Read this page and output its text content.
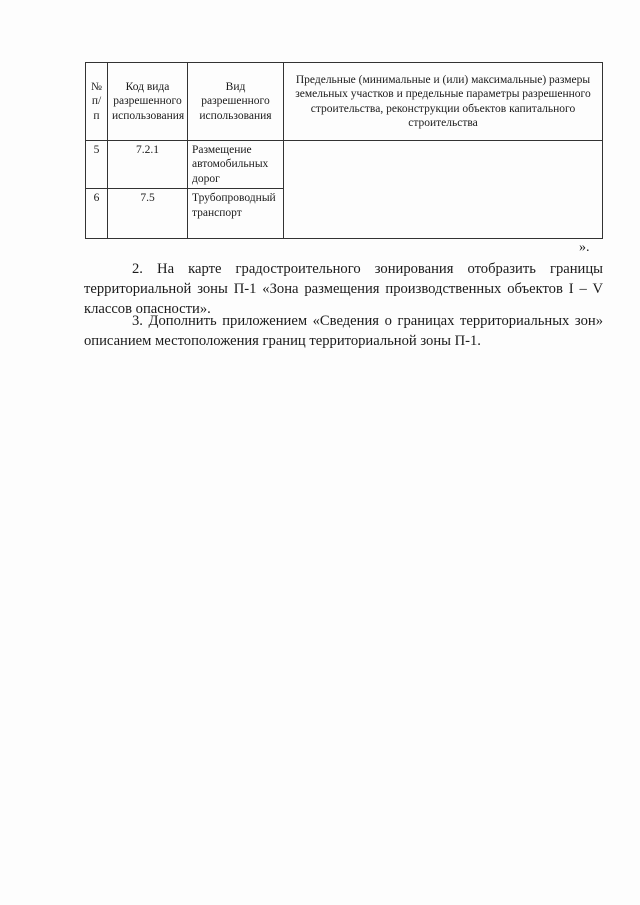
№ п/п	Код вида разрешенного использования	Вид разрешенного использования	Предельные (минимальные и (или) максимальные) размеры земельных участков и предельные параметры разрешенного строительства, реконструкции объектов капитального строительства
5	7.2.1	Размещение автомобильных дорог	
6	7.5	Трубопроводный транспорт	
».

2. На карте градостроительного зонирования отобразить границы территориальной зоны П-1 «Зона размещения производственных объектов I – V классов опасности».

3. Дополнить приложением «Сведения о границах территориальных зон» описанием местоположения границ территориальной зоны П-1.
